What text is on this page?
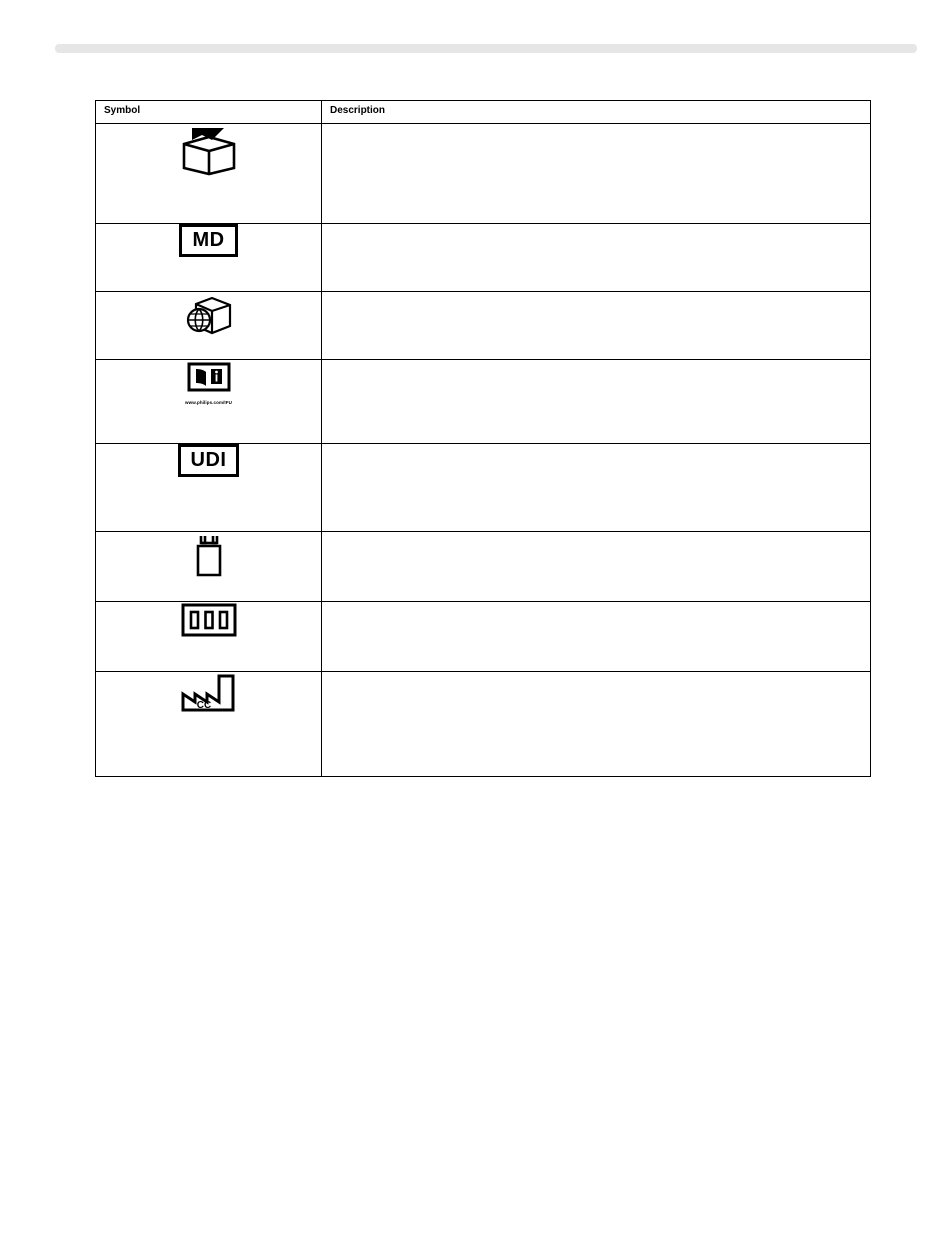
Symbol	Description

MD	

www.philips.com/IFU	

UDI	

CC	
